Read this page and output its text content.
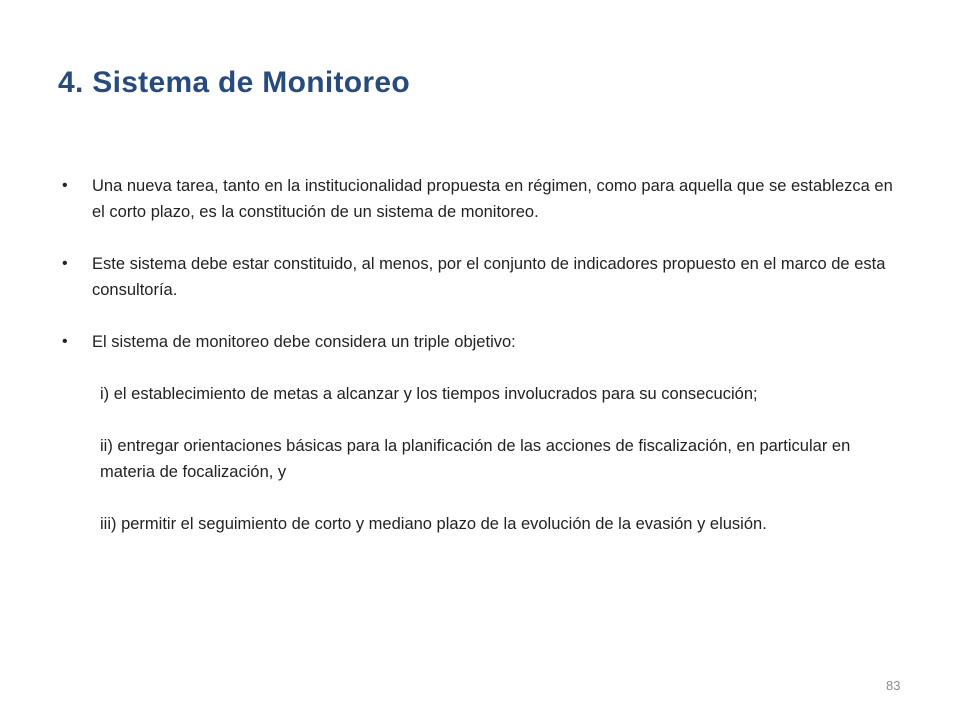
4. Sistema de Monitoreo
•	Una nueva tarea, tanto en la institucionalidad propuesta en régimen, como para aquella que se establezca en el corto plazo, es la constitución de un sistema de monitoreo.
•	Este sistema debe estar constituido, al menos, por el conjunto de indicadores propuesto en el marco de esta consultoría.
•	El sistema de monitoreo debe considera un triple objetivo:
i) el establecimiento de metas a alcanzar y los tiempos involucrados para su consecución;
ii) entregar orientaciones básicas para la planificación de las acciones de fiscalización, en particular en materia de focalización, y
iii) permitir el seguimiento de corto y mediano plazo de la evolución de la evasión y elusión.
83
